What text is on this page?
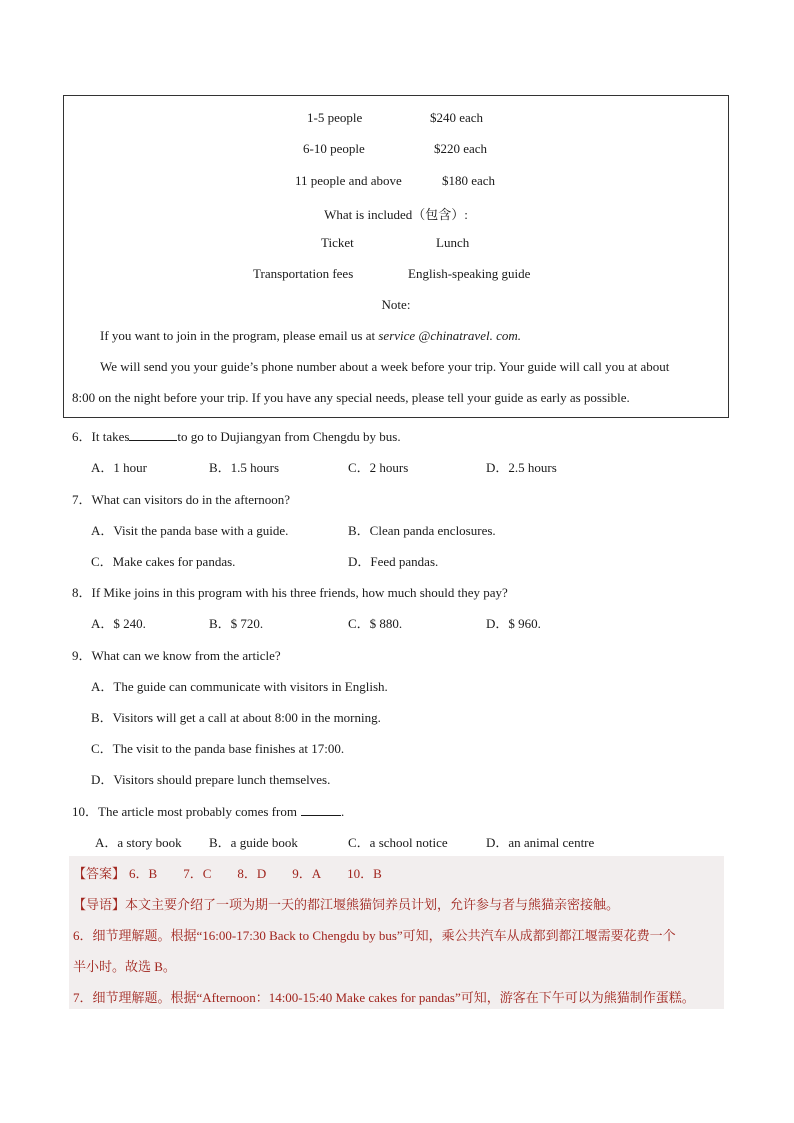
1-5 people	$240 each
6-10 people	$220 each
11 people and above	$180 each
What is included（包含）:
Ticket	Lunch
Transportation fees	English-speaking guide
Note:
If you want to join in the program, please email us at service @chinatravel. com.
We will send you your guide’s phone number about a week before your trip. Your guide will call you at about
8:00 on the night before your trip. If you have any special needs, please tell your guide as early as possible.
6．It takes	to go to Dujiangyan from Chengdu by bus.
A．1 hour	B．1.5 hours	C．2 hours	D．2.5 hours
7．What can visitors do in the afternoon?
A．Visit the panda base with a guide.	B．Clean panda enclosures.
C．Make cakes for pandas.	D．Feed pandas.
8．If Mike joins in this program with his three friends, how much should they pay?
A．$ 240.	B．$ 720.	C．$ 880.	D．$ 960.
9．What can we know from the article?
A．The guide can communicate with visitors in English.
B．Visitors will get a call at about 8:00 in the morning.
C．The visit to the panda base finishes at 17:00.
D．Visitors should prepare lunch themselves.
10．The article most probably comes from	.
A．a story book B．a guide book	C．a school notice	D．an animal centre
【答案】 6．B 7．C 8．D 9．A 10．B
【导语】本文主要介绍了一项为期一天的都江堰熊猫饲养员计划，允许参与者与熊猫亲密接触。
6．细节理解题。根据“16:00-17:30 Back to Chengdu by bus”可知，乘公共汽车从成都到都江堰需要花费一个
半小时。故选 B。
7．细节理解题。根据“Afternoon：14:00-15:40 Make cakes for pandas”可知，游客在下午可以为熊猫制作蛋糕。
